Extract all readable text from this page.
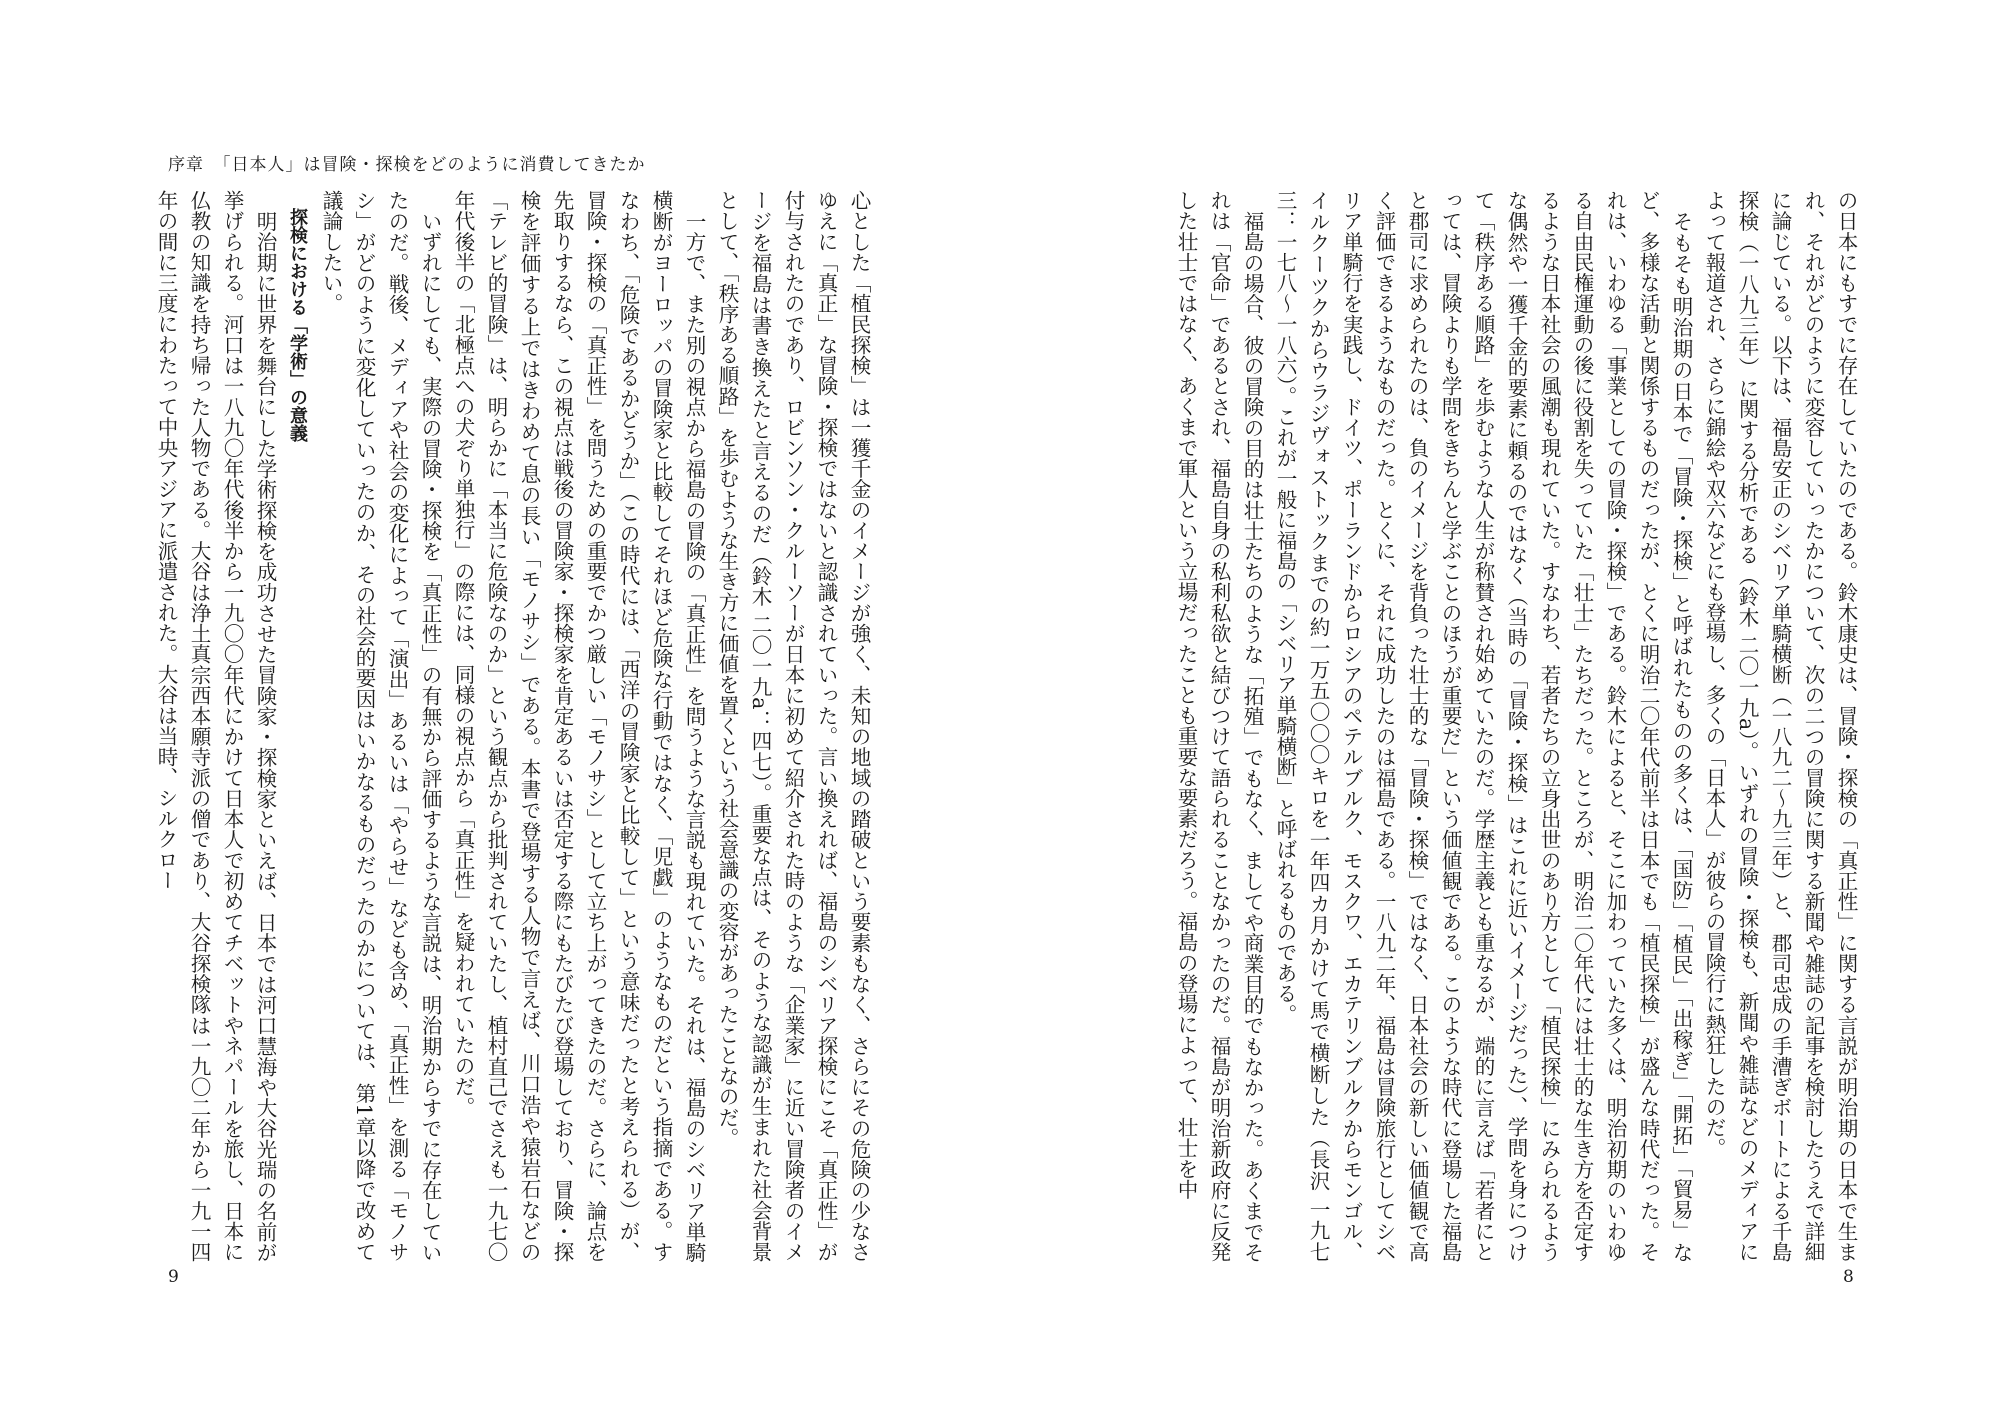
序章　「日本人」は冒険・探検をどのように消費してきたか

の日本にもすでに存在していたのである。鈴木康史は、冒険・探検の「真正性」に関する言説が明治期の日本で生まれ、それがどのように変容していったかについて、次の二つの冒険に関する新聞や雑誌の記事を検討したうえで詳細に論じている。以下は、福島安正のシベリア単騎横断（一八九二〜九三年）と、郡司忠成の手漕ぎボートによる千島探検（一八九三年）に関する分析である（鈴木 二〇一九a）。いずれの冒険・探検も、新聞や雑誌などのメディアによって報道され、さらに錦絵や双六などにも登場し、多くの「日本人」が彼らの冒険行に熱狂したのだ。

そもそも明治期の日本で「冒険・探検」と呼ばれたものの多くは、「国防」「植民」「出稼ぎ」「開拓」「貿易」など、多様な活動と関係するものだったが、とくに明治二〇年代前半は日本でも「植民探検」が盛んな時代だった。それは、いわゆる「事業としての冒険・探検」である。鈴木によると、そこに加わっていた多くは、明治初期のいわゆる自由民権運動の後に役割を失っていた「壮士」たちだった。ところが、明治二〇年代には壮士的な生き方を否定するような日本社会の風潮も現れていた。すなわち、若者たちの立身出世のあり方として「植民探検」にみられるような偶然や一獲千金的要素に頼るのではなく（当時の「冒険・探検」はこれに近いイメージだった）、学問を身につけて「秩序ある順路」を歩むような人生が称賛され始めていたのだ。学歴主義とも重なるが、端的に言えば「若者にとっては、冒険よりも学問をきちんと学ぶことのほうが重要だ」という価値観である。このような時代に登場した福島と郡司に求められたのは、負のイメージを背負った壮士的な「冒険・探検」ではなく、日本社会の新しい価値観で高く評価できるようなものだった。とくに、それに成功したのは福島である。一八九二年、福島は冒険旅行としてシベリア単騎行を実践し、ドイツ、ポーランドからロシアのペテルブルク、モスクワ、エカテリンブルクからモンゴル、イルクーツクからウラジヴォストックまでの約一万五〇〇〇キロを一年四カ月かけて馬で横断した（長沢 一九七三：一七八〜一八六）。これが一般に福島の「シベリア単騎横断」と呼ばれるものである。

福島の場合、彼の冒険の目的は壮士たちのような「拓殖」でもなく、ましてや商業目的でもなかった。あくまでそれは「官命」であるとされ、福島自身の私利私欲と結びつけて語られることなかったのだ。福島が明治新政府に反発した壮士ではなく、あくまで軍人という立場だったことも重要な要素だろう。福島の登場によって、壮士を中

8

心とした「植民探検」は一獲千金のイメージが強く、未知の地域の踏破という要素もなく、さらにその危険の少なさゆえに「真正」な冒険・探検ではないと認識されていった。言い換えれば、福島のシベリア探検にこそ「真正性」が付与されたのであり、ロビンソン・クルーソーが日本に初めて紹介された時のような「企業家」に近い冒険者のイメージを福島は書き換えたと言えるのだ（鈴木 二〇一九a：四七）。重要な点は、そのような認識が生まれた社会背景として、「秩序ある順路」を歩むような生き方に価値を置くという社会意識の変容があったことなのだ。

一方で、また別の視点から福島の冒険の「真正性」を問うような言説も現れていた。それは、福島のシベリア単騎横断がヨーロッパの冒険家と比較してそれほど危険な行動ではなく、「児戯」のようなものだという指摘である。すなわち、「危険であるかどうか」（この時代には、「西洋の冒険家と比較して」という意味だったと考えられる）が、冒険・探検の「真正性」を問うための重要でかつ厳しい「モノサシ」として立ち上がってきたのだ。さらに、論点を先取りするなら、この視点は戦後の冒険家・探検家を肯定あるいは否定する際にもたびたび登場しており、冒険・探検を評価する上ではきわめて息の長い「モノサシ」である。本書で登場する人物で言えば、川口浩や猿岩石などの「テレビ的冒険」は、明らかに「本当に危険なのか」という観点から批判されていたし、植村直己でさえも一九七〇年代後半の「北極点への犬ぞり単独行」の際には、同様の視点から「真正性」を疑われていたのだ。

いずれにしても、実際の冒険・探検を「真正性」の有無から評価するような言説は、明治期からすでに存在していたのだ。戦後、メディアや社会の変化によって「演出」あるいは「やらせ」なども含め、「真正性」を測る「モノサシ」がどのように変化していったのか、その社会的要因はいかなるものだったのかについては、第1章以降で改めて議論したい。

探検における「学術」の意義

明治期に世界を舞台にした学術探検を成功させた冒険家・探検家といえば、日本では河口慧海や大谷光瑞の名前が挙げられる。河口は一八九〇年代後半から一九〇〇年代にかけて日本人で初めてチベットやネパールを旅し、日本に仏教の知識を持ち帰った人物である。大谷は浄土真宗西本願寺派の僧であり、大谷探検隊は一九〇二年から一九一四年の間に三度にわたって中央アジアに派遣された。大谷は当時、シルクロー

9
